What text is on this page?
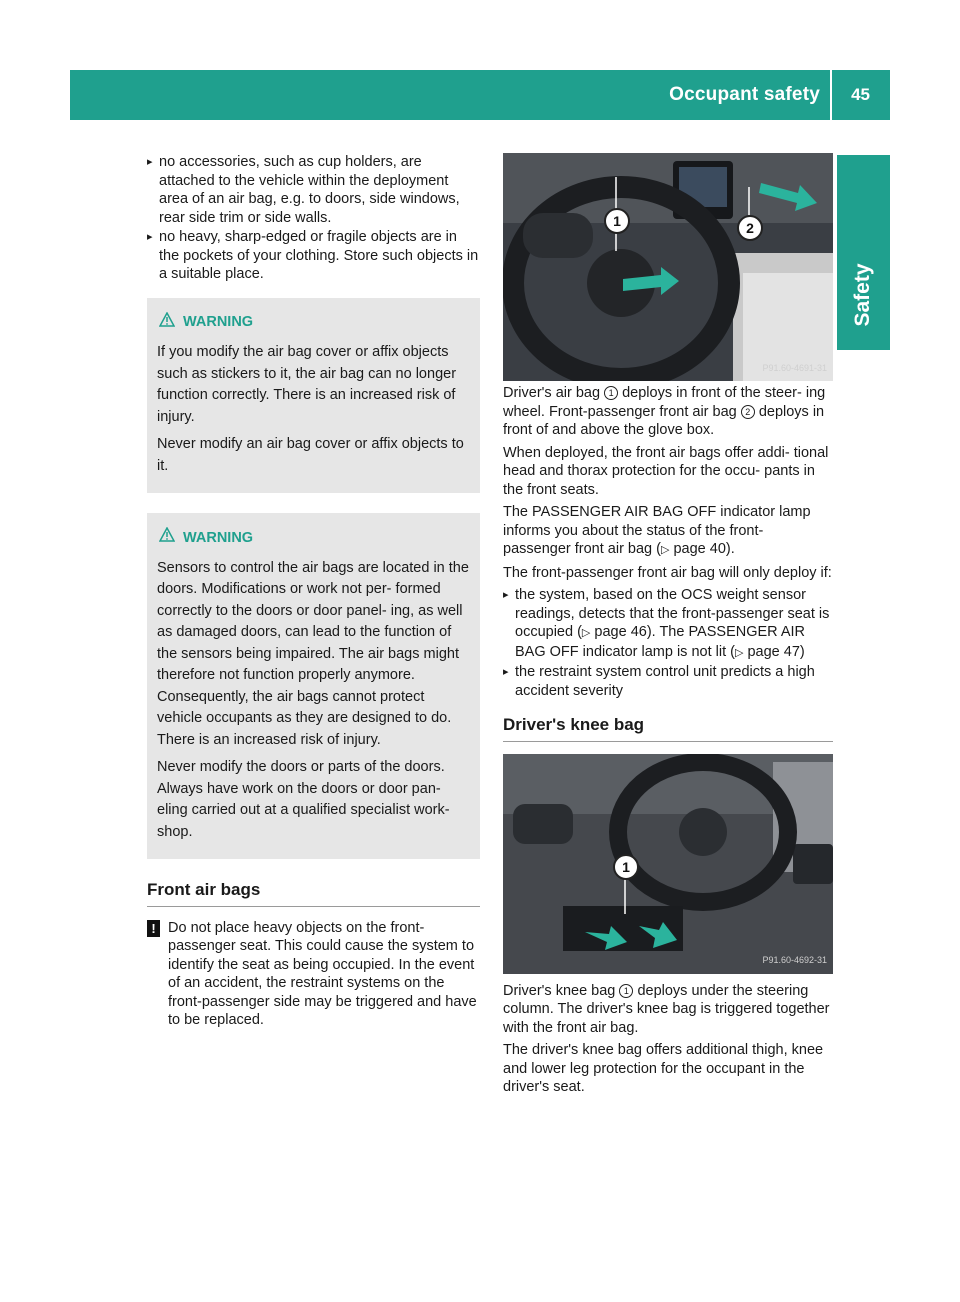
Occupant safety 45
Safety
▸ no accessories, such as cup holders, are attached to the vehicle within the deployment area of an air bag, e.g. to doors, side windows, rear side trim or side walls.
▸ no heavy, sharp-edged or fragile objects are in the pockets of your clothing. Store such objects in a suitable place.
WARNING

If you modify the air bag cover or affix objects such as stickers to it, the air bag can no longer function correctly. There is an increased risk of injury.

Never modify an air bag cover or affix objects to it.

WARNING

Sensors to control the air bags are located in the doors. Modifications or work not per- formed correctly to the doors or door panel- ing, as well as damaged doors, can lead to the function of the sensors being impaired. The air bags might therefore not function properly anymore. Consequently, the air bags cannot protect vehicle occupants as they are designed to do. There is an increased risk of injury.

Never modify the doors or parts of the doors. Always have work on the doors or door pan- eling carried out at a qualified specialist work- shop.

Front air bags
! Do not place heavy objects on the front- passenger seat. This could cause the system to identify the seat as being occupied. In the event of an accident, the restraint systems on the front-passenger side may be triggered and have to be replaced.
1	2
P91.60-4691-31

Driver's air bag 1 deploys in front of the steer- ing wheel. Front-passenger front air bag 2 deploys in front of and above the glove box.

When deployed, the front air bags offer addi- tional head and thorax protection for the occu- pants in the front seats.

The PASSENGER AIR BAG OFF indicator lamp informs you about the status of the front- passenger front air bag (▷ page 40).

The front-passenger front air bag will only deploy if:

▸ the system, based on the OCS weight sensor readings, detects that the front-passenger seat is occupied (▷ page 46). The PASSENGER AIR BAG OFF indicator lamp is not lit (▷ page 47)
▸ the restraint system control unit predicts a high accident severity
Driver's knee bag
1
P91.60-4692-31

Driver's knee bag 1 deploys under the steering column. The driver's knee bag is triggered together with the front air bag.

The driver's knee bag offers additional thigh, knee and lower leg protection for the occupant in the driver's seat.
